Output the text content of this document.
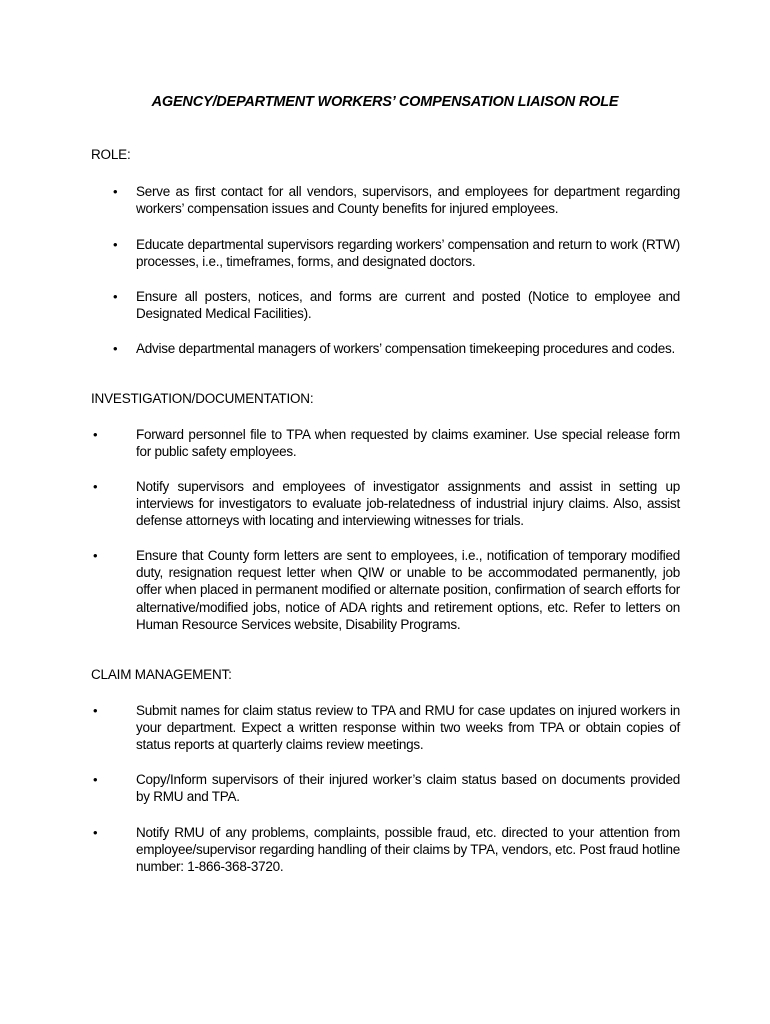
AGENCY/DEPARTMENT WORKERS’ COMPENSATION LIAISON ROLE
ROLE:
• Serve as first contact for all vendors, supervisors, and employees for department regarding workers’ compensation issues and County benefits for injured employees.
• Educate departmental supervisors regarding workers’ compensation and return to work (RTW) processes, i.e., timeframes, forms, and designated doctors.
• Ensure all posters, notices, and forms are current and posted (Notice to employee and Designated Medical Facilities).
• Advise departmental managers of workers’ compensation timekeeping procedures and codes.
INVESTIGATION/DOCUMENTATION:
•	Forward personnel file to TPA when requested by claims examiner. Use special release form for public safety employees.
•	Notify supervisors and employees of investigator assignments and assist in setting up interviews for investigators to evaluate job-relatedness of industrial injury claims. Also, assist defense attorneys with locating and interviewing witnesses for trials.
•	Ensure that County form letters are sent to employees, i.e., notification of temporary modified duty, resignation request letter when QIW or unable to be accommodated permanently, job offer when placed in permanent modified or alternate position, confirmation of search efforts for alternative/modified jobs, notice of ADA rights and retirement options, etc. Refer to letters on Human Resource Services website, Disability Programs.
CLAIM MANAGEMENT:
•	Submit names for claim status review to TPA and RMU for case updates on injured workers in your department. Expect a written response within two weeks from TPA or obtain copies of status reports at quarterly claims review meetings.
•	Copy/Inform supervisors of their injured worker’s claim status based on documents provided by RMU and TPA.
•	Notify RMU of any problems, complaints, possible fraud, etc. directed to your attention from employee/supervisor regarding handling of their claims by TPA, vendors, etc. Post fraud hotline number: 1-866-368-3720.
